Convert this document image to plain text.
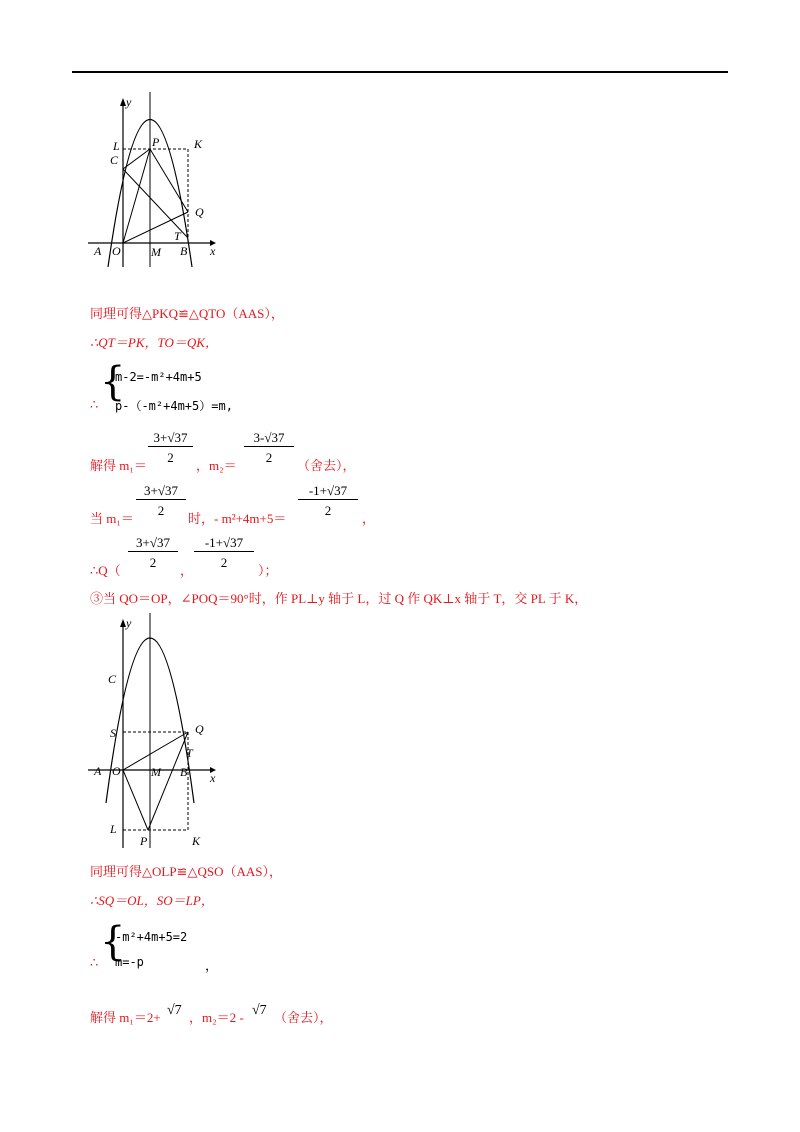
y
x
L	P	K
C
Q
T
A O	M B
同理可得△PKQ≌△QTO（AAS），
∴QT＝PK，TO＝QK，
∴ {
m-2=-m²+4m+5
p-（-m²+4m+5）=m,
解得 $m_1= \frac{3+√37}{2}$ ，$m_2= \frac{3-√37}{2}$ （舍去），
当 $m_1= \frac{3+√37}{2}$ 时，- $m^2+4m+5= \frac{-1+√37}{2}$ ，
∴Q（ $\frac{3+√37}{2}$ ， $\frac{-1+√37}{2}$ ）；
③当 QO＝OP，∠POQ＝90°时，作 PL⊥y 轴于 L，过 Q 作 QK⊥x 轴于 T，交 PL 于 K，
y
x
C
S	Q
T
A O	M B
L
P	K
同理可得△OLP≌△QSO（AAS），
∴SQ＝OL，SO＝LP，
∴ {
-m²+4m+5=2
m=-p	，
解得 m₁＝2+ √7 ，m₂＝2 - √7 （舍去），
